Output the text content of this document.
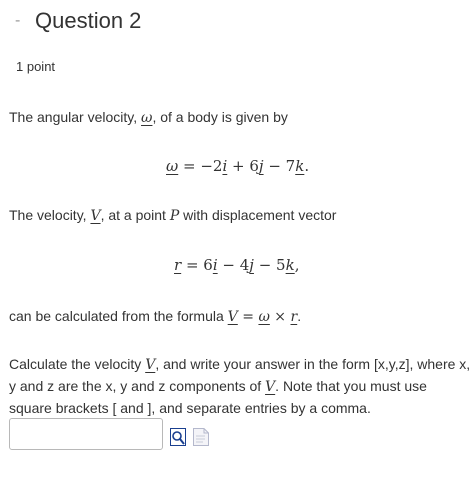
- Question 2
1 point
The angular velocity, ω, of a body is given by
ω = −2i + 6j − 7k.
The velocity, V, at a point P with displacement vector
r = 6i − 4j − 5k,
can be calculated from the formula V = ω × r.
Calculate the velocity V, and write your answer in the form [x,y,z], where x, y and z are the x, y and z components of V. Note that you must use square brackets [ and ], and separate entries by a comma.
